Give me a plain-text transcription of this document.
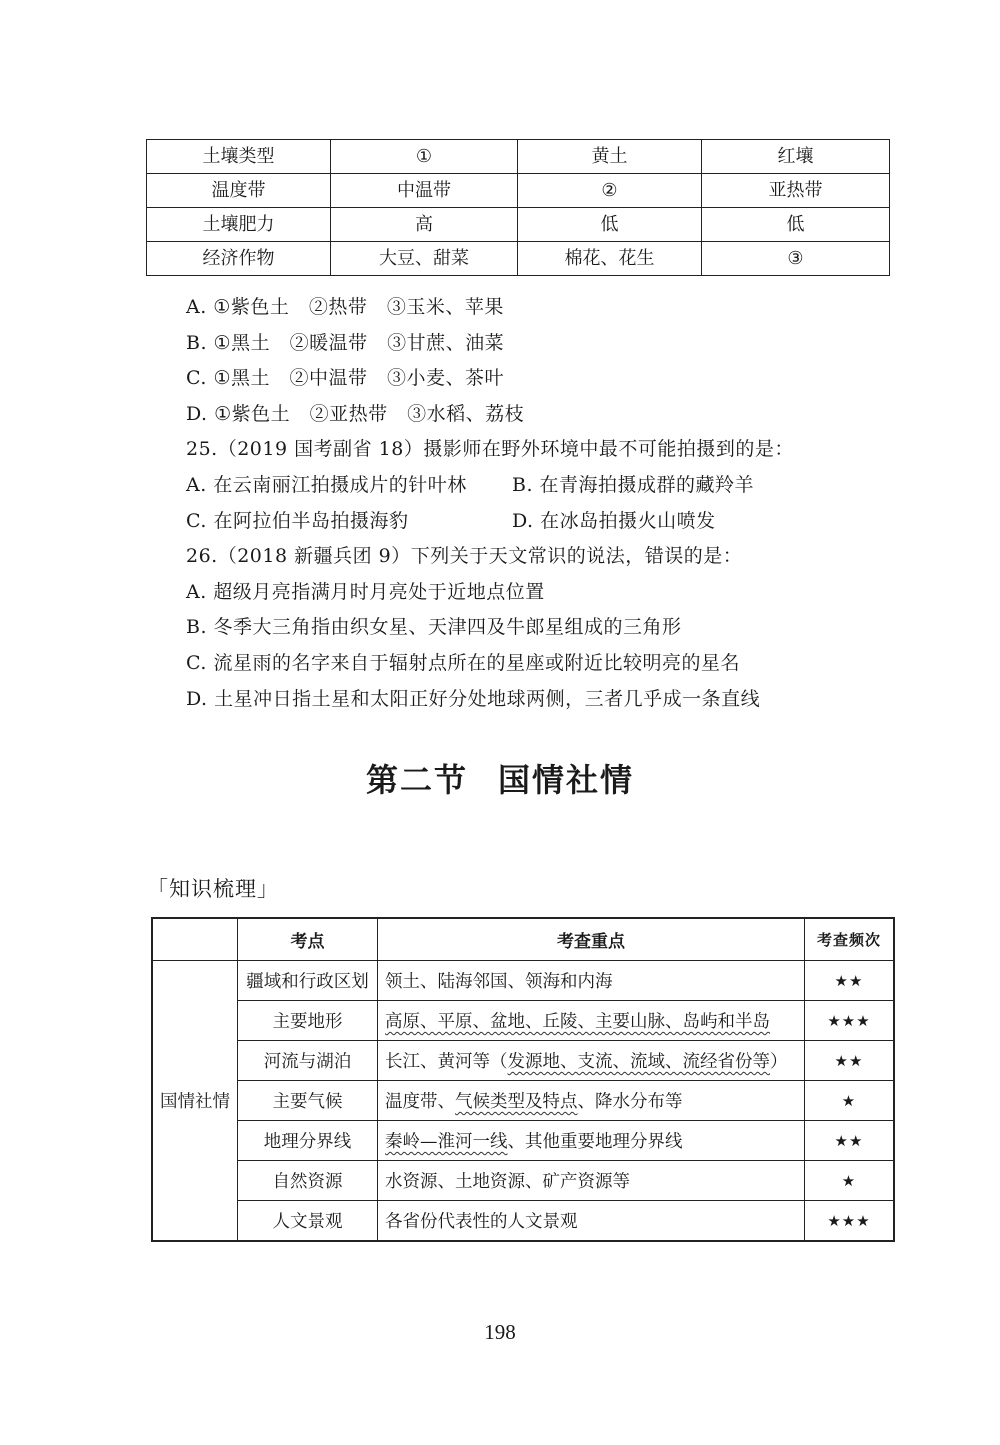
土壤类型	①	黄土	红壤
温度带	中温带	②	亚热带
土壤肥力	高	低	低
经济作物	大豆、甜菜	棉花、花生	③
A. ①紫色土　②热带　③玉米、苹果
B. ①黑土　②暖温带　③甘蔗、油菜
C. ①黑土　②中温带　③小麦、茶叶
D. ①紫色土　②亚热带　③水稻、荔枝
25.（2019 国考副省 18）摄影师在野外环境中最不可能拍摄到的是：
A. 在云南丽江拍摄成片的针叶林 B. 在青海拍摄成群的藏羚羊
C. 在阿拉伯半岛拍摄海豹	D. 在冰岛拍摄火山喷发
26.（2018 新疆兵团 9）下列关于天文常识的说法，错误的是：
A. 超级月亮指满月时月亮处于近地点位置
B. 冬季大三角指由织女星、天津四及牛郎星组成的三角形
C. 流星雨的名字来自于辐射点所在的星座或附近比较明亮的星名
D. 土星冲日指土星和太阳正好分处地球两侧，三者几乎成一条直线
第二节 国情社情
「知识梳理」
	考点	考查重点	考查频次
国情社情	疆域和行政区划	领土、陆海邻国、领海和内海	★★
	主要地形	高原、平原、盆地、丘陵、主要山脉、岛屿和半岛	★★★
	河流与湖泊	长江、黄河等（发源地、支流、流域、流经省份等）	★★
	主要气候	温度带、气候类型及特点、降水分布等	★
	地理分界线	秦岭—淮河一线、其他重要地理分界线	★★
	自然资源	水资源、土地资源、矿产资源等	★
	人文景观	各省份代表性的人文景观	★★★
198
